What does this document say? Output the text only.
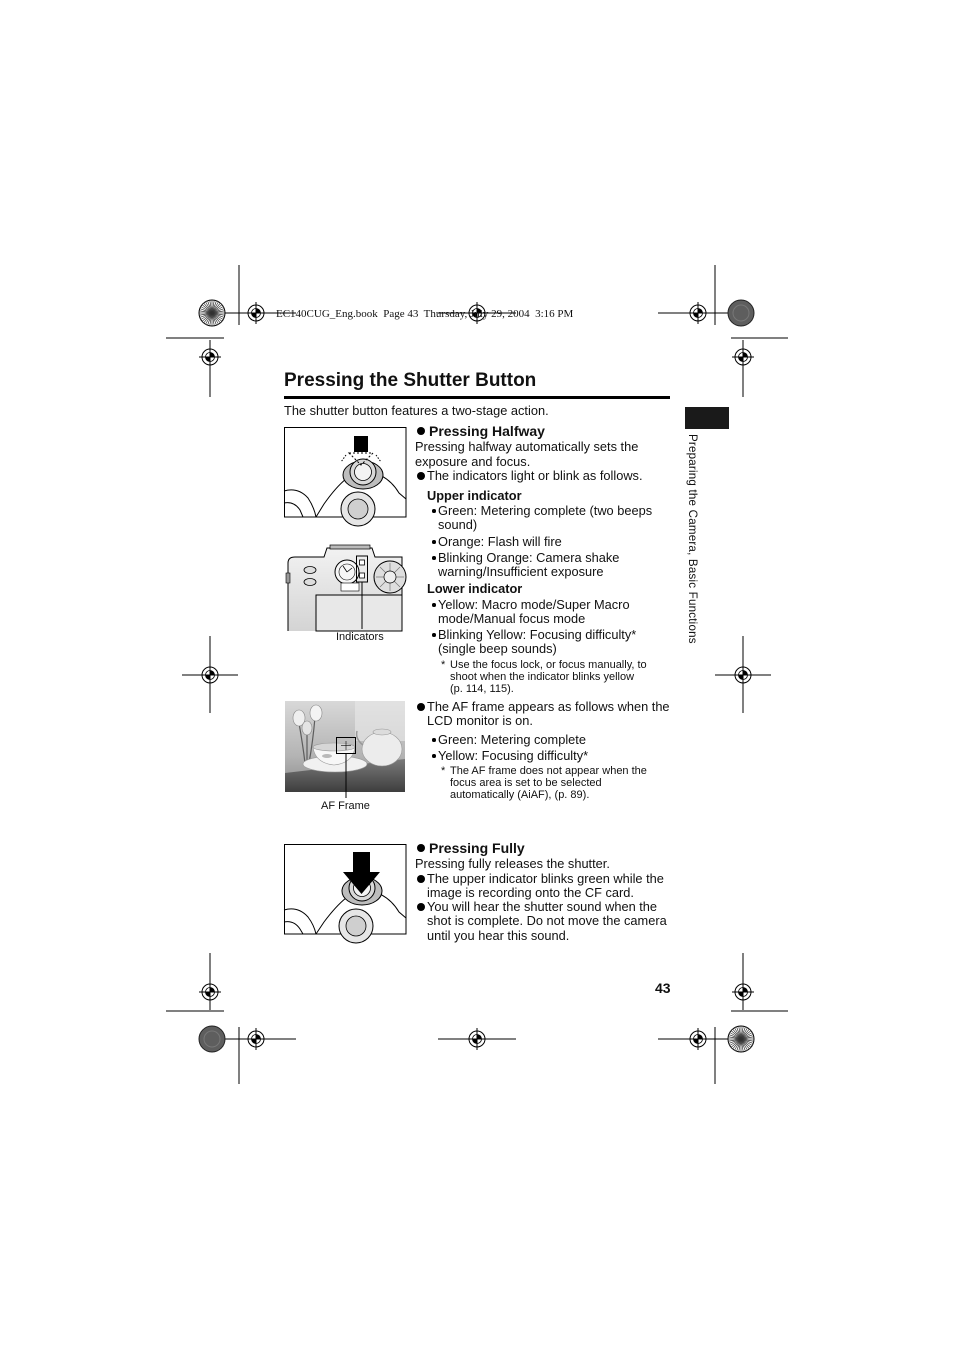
EC140CUG_Eng.book  Page 43  Thursday, July 29, 2004  3:16 PM
Pressing the Shutter Button
The shutter button features a two-stage action.
Preparing the Camera, Basic Functions
Indicators
AF Frame
Pressing Halfway
Pressing halfway automatically sets the
exposure and focus.
The indicators light or blink as follows.
Upper indicator
Green: Metering complete (two beeps
sound)
Orange: Flash will fire
Blinking Orange: Camera shake
warning/Insufficient exposure
Lower indicator
Yellow: Macro mode/Super Macro
mode/Manual focus mode
Blinking Yellow: Focusing difficulty*
(single beep sounds)
* Use the focus lock, or focus manually, to
shoot when the indicator blinks yellow
(p. 114, 115).
The AF frame appears as follows when the
LCD monitor is on.
Green: Metering complete
Yellow: Focusing difficulty*
* The AF frame does not appear when the
focus area is set to be selected
automatically (AiAF), (p. 89).
Pressing Fully
Pressing fully releases the shutter.
The upper indicator blinks green while the
image is recording onto the CF card.
You will hear the shutter sound when the
shot is complete. Do not move the camera
until you hear this sound.
43
